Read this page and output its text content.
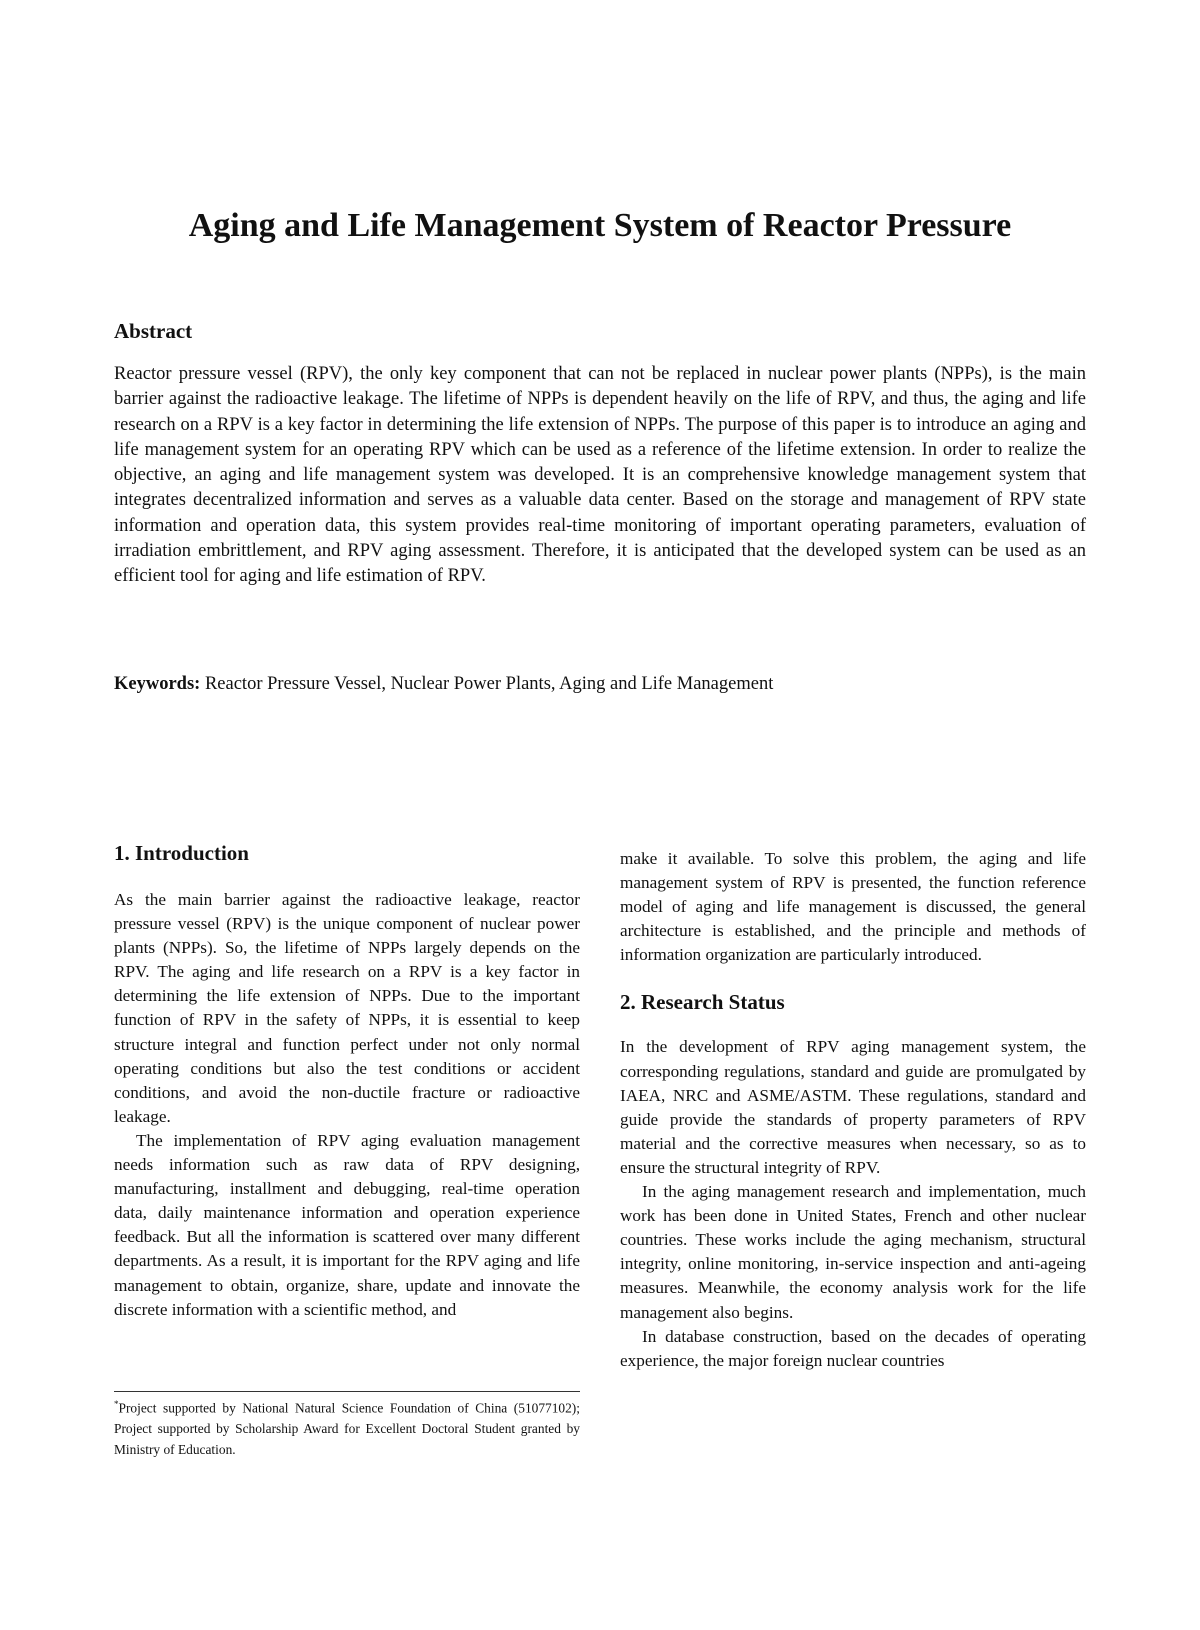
Aging and Life Management System of Reactor Pressure
Abstract

Reactor pressure vessel (RPV), the only key component that can not be replaced in nuclear power plants (NPPs), is the main barrier against the radioactive leakage. The lifetime of NPPs is dependent heavily on the life of RPV, and thus, the aging and life research on a RPV is a key factor in determining the life extension of NPPs. The purpose of this paper is to introduce an aging and life management system for an operating RPV which can be used as a reference of the lifetime extension. In order to realize the objective, an aging and life management system was developed. It is an comprehensive knowledge management system that integrates decentralized information and serves as a valuable data center. Based on the storage and management of RPV state information and operation data, this system provides real-time monitoring of important operating parameters, evaluation of irradiation embrittlement, and RPV aging assessment. Therefore, it is anticipated that the developed system can be used as an efficient tool for aging and life estimation of RPV.

Keywords: Reactor Pressure Vessel, Nuclear Power Plants, Aging and Life Management

1. Introduction

As the main barrier against the radioactive leakage, reactor pressure vessel (RPV) is the unique component of nuclear power plants (NPPs). So, the lifetime of NPPs largely depends on the RPV. The aging and life research on a RPV is a key factor in determining the life extension of NPPs. Due to the important function of RPV in the safety of NPPs, it is essential to keep structure integral and function perfect under not only normal operating conditions but also the test conditions or accident conditions, and avoid the non-ductile fracture or radioactive leakage.

The implementation of RPV aging evaluation management needs information such as raw data of RPV designing, manufacturing, installment and debugging, real-time operation data, daily maintenance information and operation experience feedback. But all the information is scattered over many different departments. As a result, it is important for the RPV aging and life management to obtain, organize, share, update and innovate the discrete information with a scientific method, and

make it available. To solve this problem, the aging and life management system of RPV is presented, the function reference model of aging and life management is discussed, the general architecture is established, and the principle and methods of information organization are particularly introduced.

2. Research Status

In the development of RPV aging management system, the corresponding regulations, standard and guide are promulgated by IAEA, NRC and ASME/ASTM. These regulations, standard and guide provide the standards of property parameters of RPV material and the corrective measures when necessary, so as to ensure the structural integrity of RPV.

In the aging management research and implementation, much work has been done in United States, French and other nuclear countries. These works include the aging mechanism, structural integrity, online monitoring, in-service inspection and anti-ageing measures. Meanwhile, the economy analysis work for the life management also begins.

In database construction, based on the decades of operating experience, the major foreign nuclear countries

*Project supported by National Natural Science Foundation of China (51077102); Project supported by Scholarship Award for Excellent Doctoral Student granted by Ministry of Education.
